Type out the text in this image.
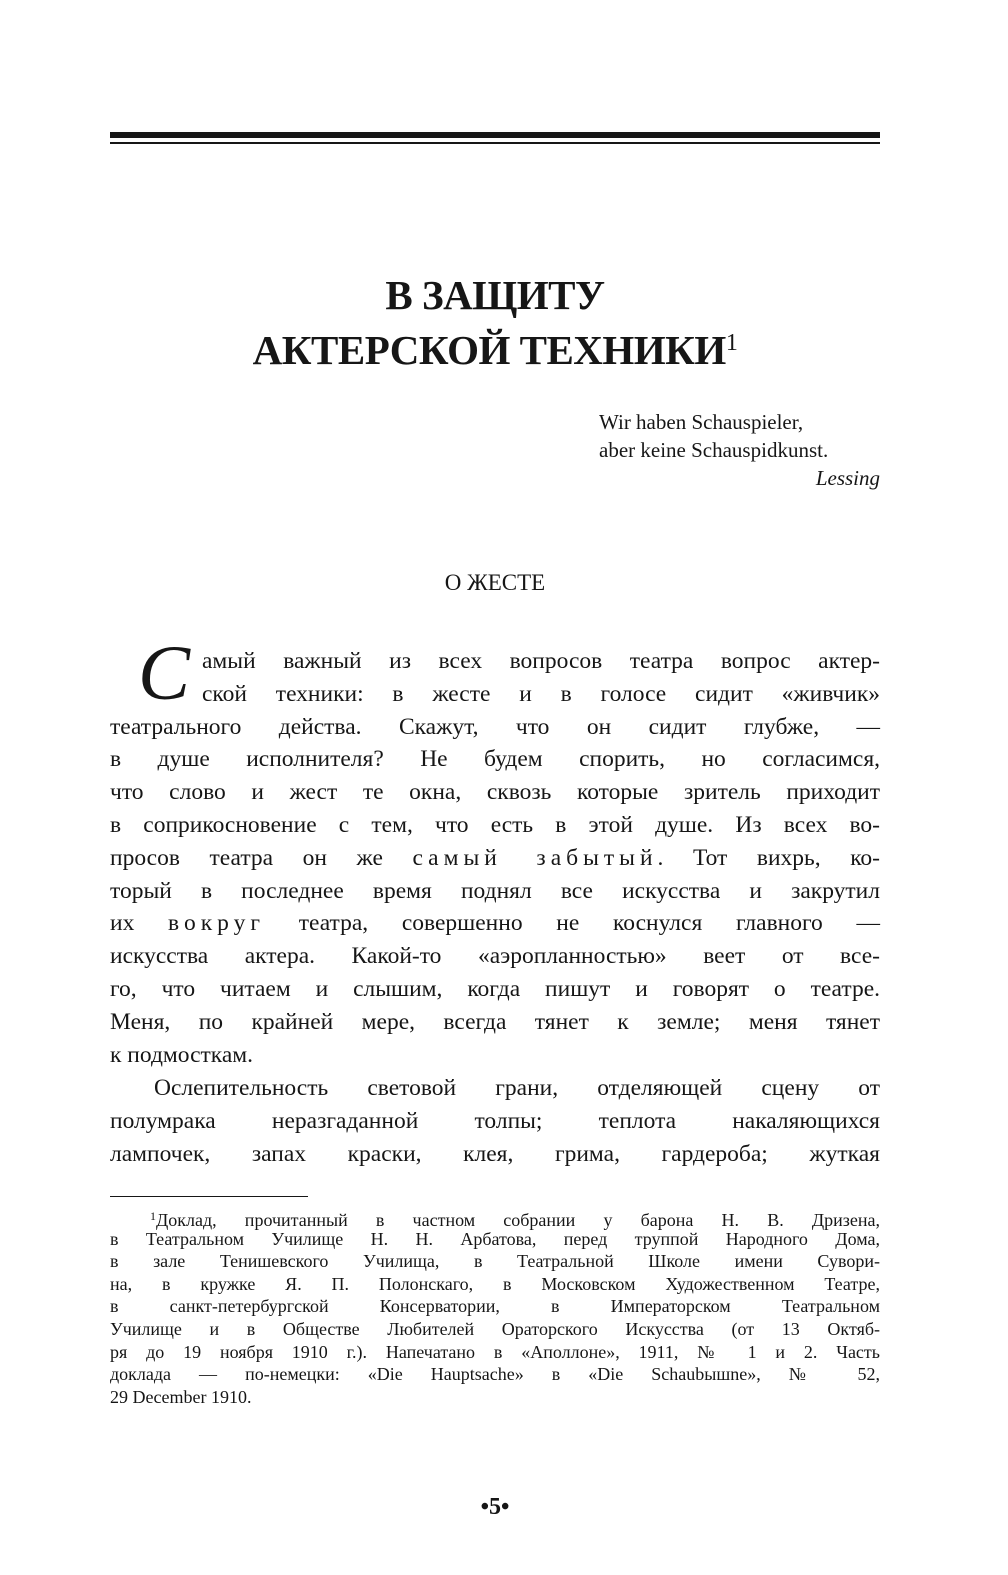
В ЗАЩИТУ
АКТЕРСКОЙ ТЕХНИКИ$^1$
Wir haben Schauspieler,
aber keine Schauspidkunst.
Lessing
О ЖЕСТЕ
С амый важный из всех вопросов театра вопрос актер-
ской техники: в жесте и в голосе сидит «живчик»
театрального действа. Скажут, что он сидит глубже, —
в душе исполнителя? Не будем спорить, но согласимся,
что слово и жест те окна, сквозь которые зритель приходит
в соприкосновение с тем, что есть в этой душе. Из всех во-
просов театра он же самый забытый. Тот вихрь, ко-
торый в последнее время поднял все искусства и закрутил
их вокруг театра, совершенно не коснулся главного —
искусства актера. Какой-то «аэропланностью» веет от все-
го, что читаем и слышим, когда пишут и говорят о театре.
Меня, по крайней мере, всегда тянет к земле; меня тянет
к подмосткам.
Ослепительность световой грани, отделяющей сцену от
полумрака неразгаданной толпы; теплота накаляющихся
лампочек, запах краски, клея, грима, гардероба; жуткая
$^1$Доклад, прочитанный в частном собрании у барона Н. В. Дризена,
в Театральном Училище Н. Н. Арбатова, перед труппой Народного Дома,
в зале Тенишевского Училища, в Театральной Школе имени Сувори-
на, в кружке Я. П. Полонскаго, в Московском Художественном Театре,
в санкт-петербургской Консерватории, в Императорском Театральном
Училище и в Обществе Любителей Ораторского Искусства (от 13 Октяб-
ря до 19 ноября 1910 г.). Напечатано в «Аполлоне», 1911, № 1 и 2. Часть
доклада — по-немецки: «Die Hauptsache» в «Die Schaubышne», № 52,
29 December 1910.
•5•
